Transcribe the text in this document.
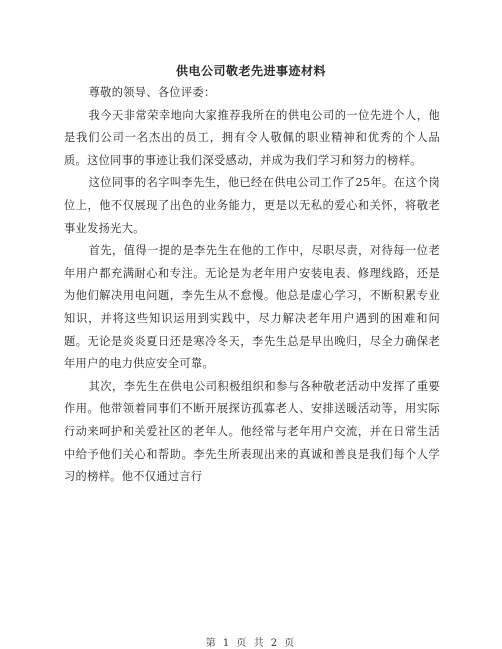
供电公司敬老先进事迹材料

尊敬的领导、各位评委：

我今天非常荣幸地向大家推荐我所在的供电公司的一位先进个人，他是我们公司一名杰出的员工，拥有令人敬佩的职业精神和优秀的个人品质。这位同事的事迹让我们深受感动，并成为我们学习和努力的榜样。

这位同事的名字叫李先生，他已经在供电公司工作了25年。在这个岗位上，他不仅展现了出色的业务能力，更是以无私的爱心和关怀，将敬老事业发扬光大。

首先，值得一提的是李先生在他的工作中，尽职尽责，对待每一位老年用户都充满耐心和专注。无论是为老年用户安装电表、修理线路，还是为他们解决用电问题，李先生从不怠慢。他总是虚心学习，不断积累专业知识，并将这些知识运用到实践中，尽力解决老年用户遇到的困难和问题。无论是炎炎夏日还是寒冷冬天，李先生总是早出晚归，尽全力确保老年用户的电力供应安全可靠。

其次，李先生在供电公司积极组织和参与各种敬老活动中发挥了重要作用。他带领着同事们不断开展探访孤寡老人、安排送暖活动等，用实际行动来呵护和关爱社区的老年人。他经常与老年用户交流，并在日常生活中给予他们关心和帮助。李先生所表现出来的真诚和善良是我们每个人学习的榜样。他不仅通过言行

第 1 页 共 2 页
